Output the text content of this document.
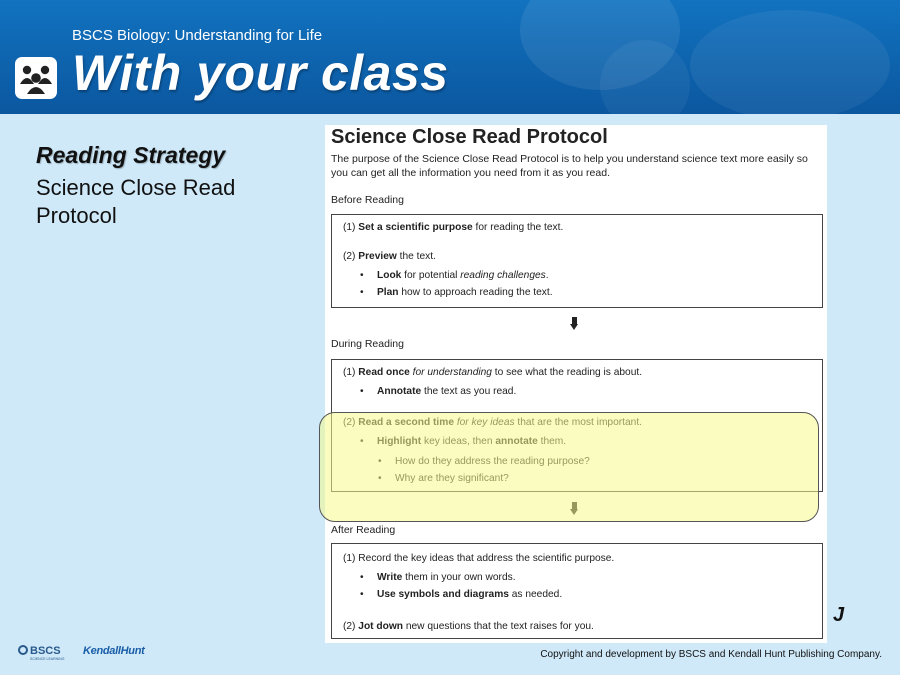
BSCS Biology: Understanding for Life
With your class
Reading Strategy
Science Close Read Protocol
Science Close Read Protocol
The purpose of the Science Close Read Protocol is to help you understand science text more easily so you can get all the information you need from it as you read.
Before Reading
(1) Set a scientific purpose for reading the text.
(2) Preview the text.
• Look for potential reading challenges.
• Plan how to approach reading the text.
During Reading
(1) Read once for understanding to see what the reading is about.
• Annotate the text as you read.
•
•
•
After Reading
(1) Record the key ideas that address the scientific purpose.
• Write them in your own words.
• Use symbols and diagrams as needed.
(2) Jot down new questions that the text raises for you.
J
BSCS
SCIENCE LEARNING
KendallHunt	Copyright and development by BSCS and Kendall Hunt Publishing Company.
